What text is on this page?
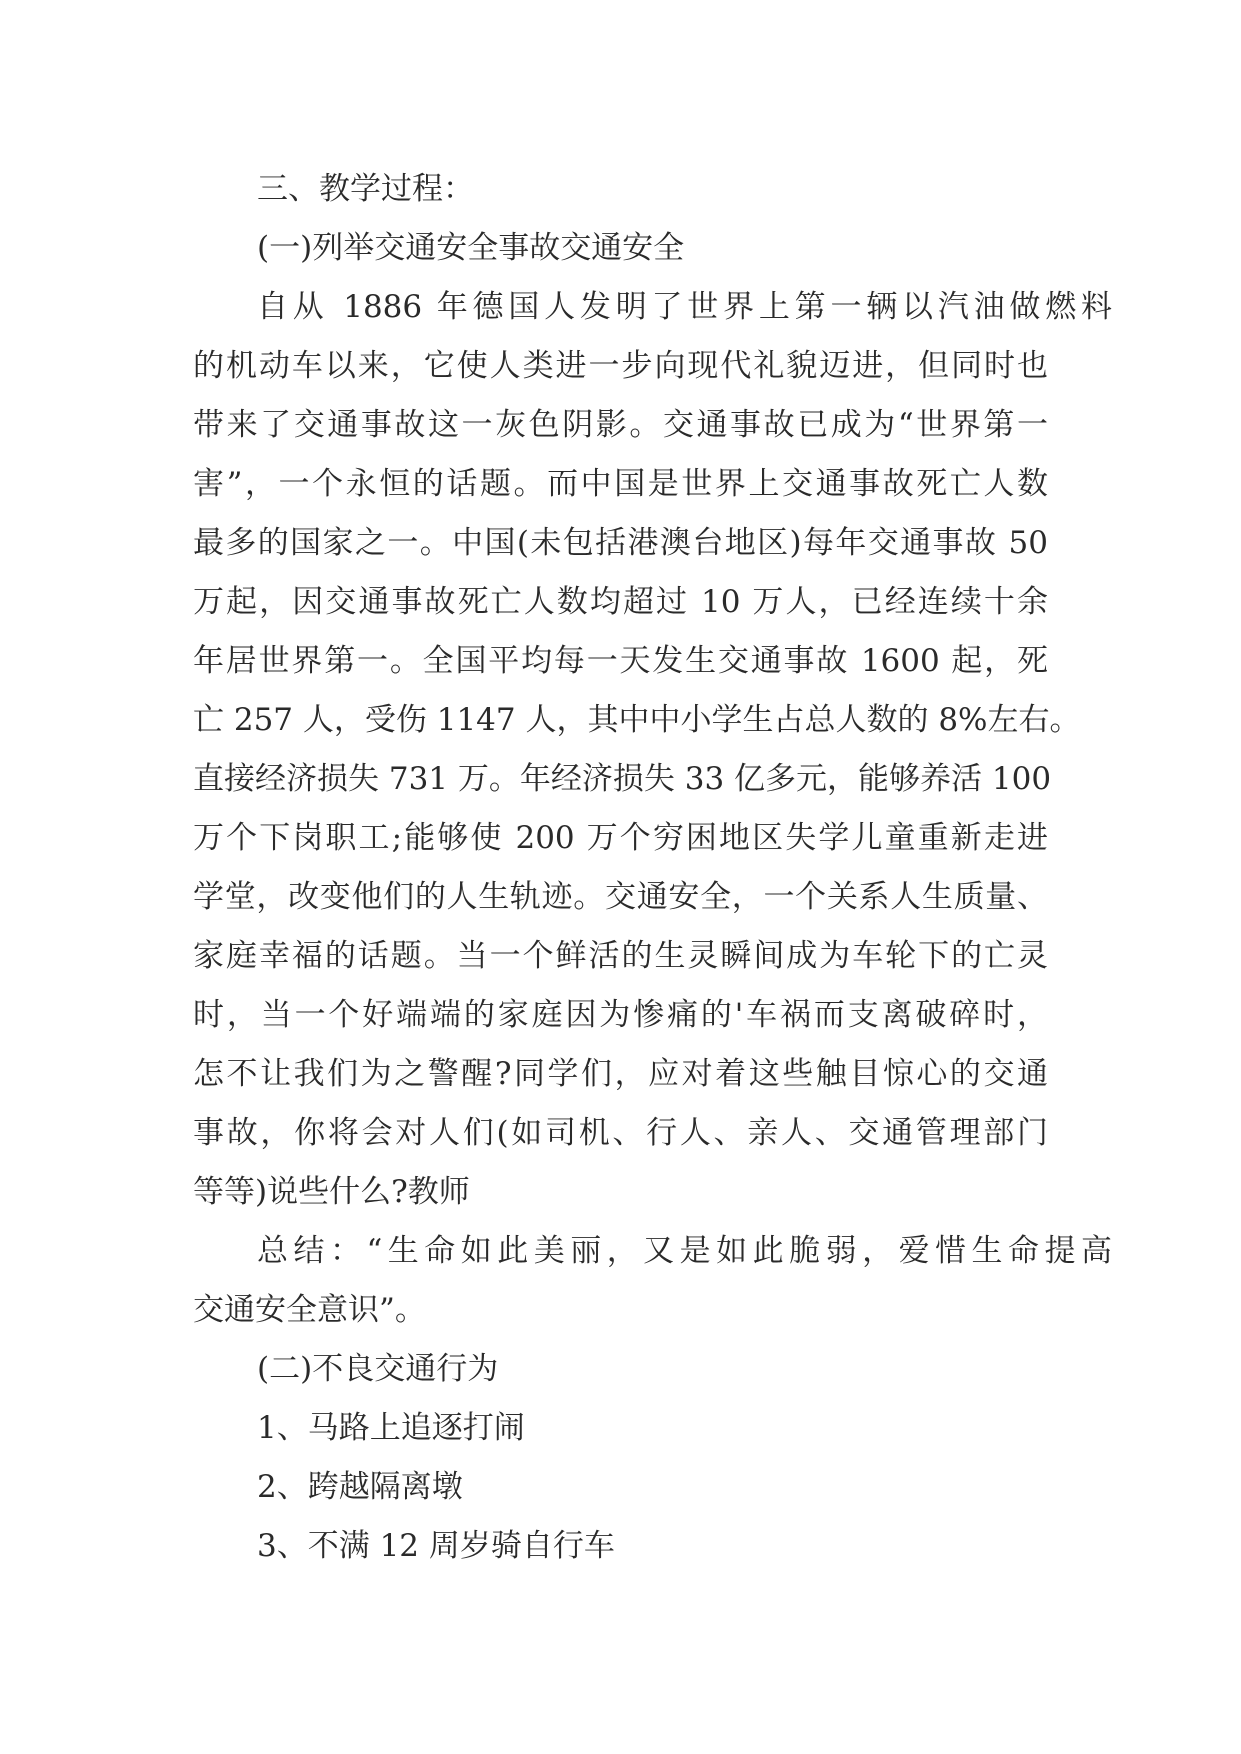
三、教学过程：
(一)列举交通安全事故交通安全
自从 1886 年德国人发明了世界上第一辆以汽油做燃料
的机动车以来，它使人类进一步向现代礼貌迈进，但同时也
带来了交通事故这一灰色阴影。交通事故已成为“世界第一
害”，一个永恒的话题。而中国是世界上交通事故死亡人数
最多的国家之一。中国(未包括港澳台地区)每年交通事故 50
万起，因交通事故死亡人数均超过 10 万人，已经连续十余
年居世界第一。全国平均每一天发生交通事故 1600 起，死
亡 257 人，受伤 1147 人，其中中小学生占总人数的 8%左右。
直接经济损失 731 万。年经济损失 33 亿多元，能够养活 100
万个下岗职工;能够使 200 万个穷困地区失学儿童重新走进
学堂，改变他们的人生轨迹。交通安全，一个关系人生质量、
家庭幸福的话题。当一个鲜活的生灵瞬间成为车轮下的亡灵
时，当一个好端端的家庭因为惨痛的'车祸而支离破碎时，
怎不让我们为之警醒?同学们，应对着这些触目惊心的交通
事故，你将会对人们(如司机、行人、亲人、交通管理部门
等等)说些什么?教师
总结：“生命如此美丽，又是如此脆弱，爱惜生命提高
交通安全意识”。
(二)不良交通行为
1、马路上追逐打闹
2、跨越隔离墩
3、不满 12 周岁骑自行车
